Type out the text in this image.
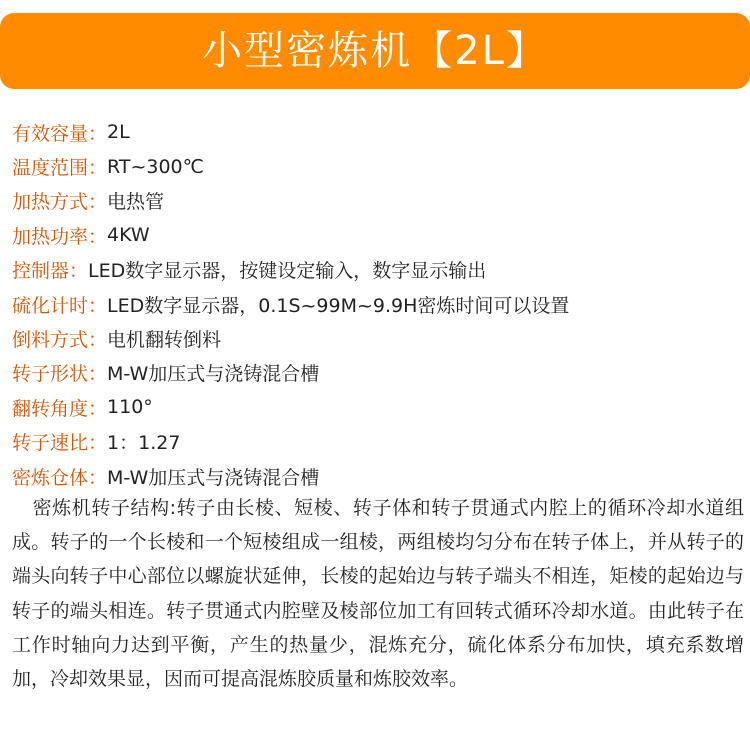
小型密炼机【2L】
有效容量： 2L
温度范围： RT~300℃
加热方式： 电热管
加热功率： 4KW
控制器： LED数字显示器，按键设定输入，数字显示输出
硫化计时： LED数字显示器，0.1S~99M~9.9H密炼时间可以设置
倒料方式： 电机翻转倒料
转子形状： M-W加压式与浇铸混合槽
翻转角度： 110°
转子速比： 1：1.27
密炼仓体： M-W加压式与浇铸混合槽

密炼机转子结构:转子由长棱、短棱、转子体和转子贯通式内腔上的循环冷却水道组成。转子的一个长棱和一个短棱组成一组棱，两组棱均匀分布在转子体上，并从转子的端头向转子中心部位以螺旋状延伸，长棱的起始边与转子端头不相连，矩棱的起始边与转子的端头相连。转子贯通式内腔壁及棱部位加工有回转式循环冷却水道。由此转子在工作时轴向力达到平衡，产生的热量少，混炼充分，硫化体系分布加快，填充系数增加，冷却效果显，因而可提高混炼胶质量和炼胶效率。
